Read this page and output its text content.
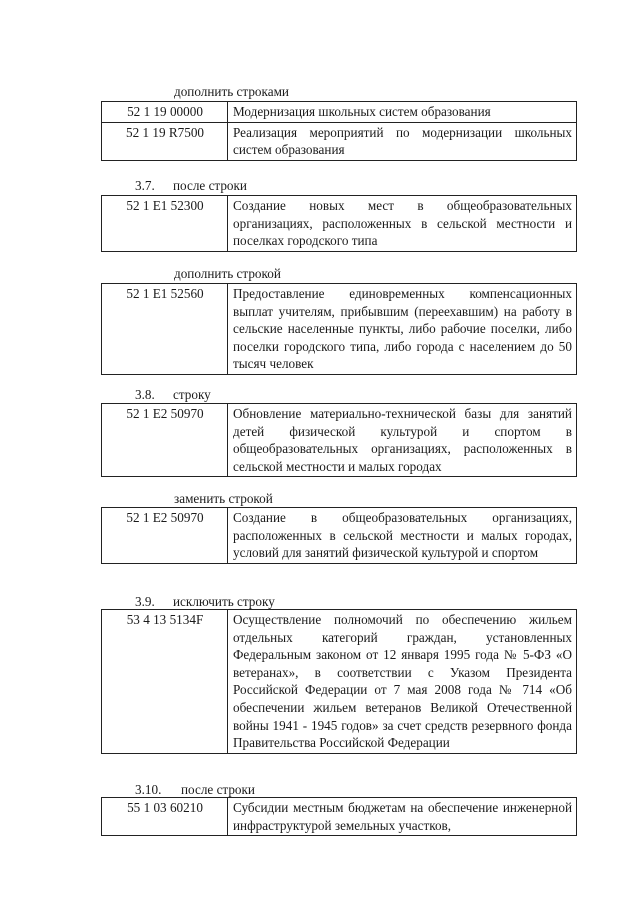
дополнить строками
52 1 19 00000	Модернизация школьных систем образования
52 1 19 R7500	Реализация мероприятий по модернизации школьных систем образования
3.7. после строки
52 1 E1 52300	Создание новых мест в общеобразовательных организациях, расположенных в сельской местности и поселках городского типа
дополнить строкой
52 1 E1 52560	Предоставление единовременных компенсационных выплат учителям, прибывшим (переехавшим) на работу в сельские населенные пункты, либо рабочие поселки, либо поселки городского типа, либо города с населением до 50 тысяч человек
3.8. строку
52 1 E2 50970	Обновление материально-технической базы для занятий детей физической культурой и спортом в общеобразовательных организациях, расположенных в сельской местности и малых городах
заменить строкой
52 1 E2 50970	Создание в общеобразовательных организациях, расположенных в сельской местности и малых городах, условий для занятий физической культурой и спортом
3.9. исключить строку
53 4 13 5134F	Осуществление полномочий по обеспечению жильем отдельных категорий граждан, установленных Федеральным законом от 12 января 1995 года № 5-ФЗ «О ветеранах», в соответствии с Указом Президента Российской Федерации от 7 мая 2008 года № 714 «Об обеспечении жильем ветеранов Великой Отечественной войны 1941 - 1945 годов» за счет средств резервного фонда Правительства Российской Федерации
3.10. после строки
55 1 03 60210	Субсидии местным бюджетам на обеспечение инженерной инфраструктурой земельных участков,
